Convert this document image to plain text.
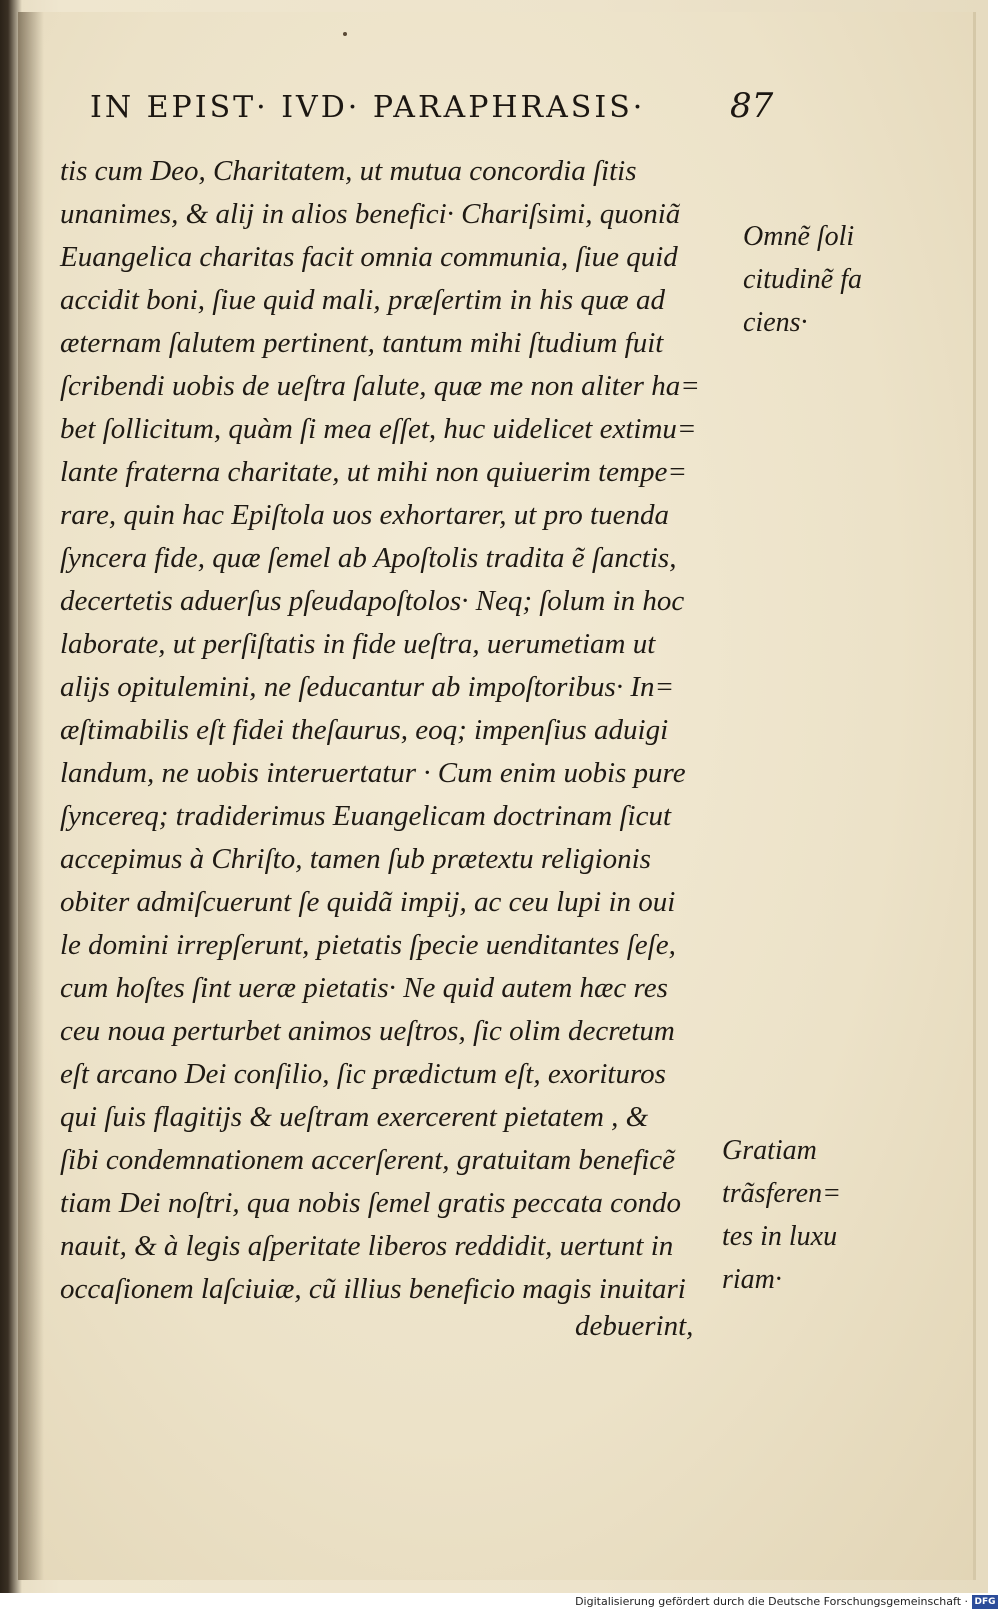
IN EPIST· IVD· PARAPHRASIS·	87
tis cum Deo, Charitatem, ut mutua concordia ſitis
unanimes, & alij in alios benefici· Chariſsimi, quoniã
Euangelica charitas facit omnia communia, ſiue quid
accidit boni, ſiue quid mali, præſertim in his quæ ad
æternam ſalutem pertinent, tantum mihi ſtudium fuit
ſcribendi uobis de ueſtra ſalute, quæ me non aliter ha=
bet ſollicitum, quàm ſi mea eſſet, huc uidelicet extimu=
lante fraterna charitate, ut mihi non quiuerim tempe=
rare, quin hac Epiſtola uos exhortarer, ut pro tuenda
ſyncera fide, quæ ſemel ab Apoſtolis tradita ẽ ſanctis,
decertetis aduerſus pſeudapoſtolos· Neq; ſolum in hoc
laborate, ut perſiſtatis in fide ueſtra, uerumetiam ut
alijs opitulemini, ne ſeducantur ab impoſtoribus· In=
æſtimabilis eſt fidei theſaurus, eoq; impenſius aduigi
landum, ne uobis interuertatur · Cum enim uobis pure
ſyncereq; tradiderimus Euangelicam doctrinam ſicut
accepimus à Chriſto, tamen ſub prætextu religionis
obiter admiſcuerunt ſe quidã impij, ac ceu lupi in oui
le domini irrepſerunt, pietatis ſpecie uenditantes ſeſe,
cum hoſtes ſint ueræ pietatis· Ne quid autem hæc res
ceu noua perturbet animos ueſtros, ſic olim decretum
eſt arcano Dei conſilio, ſic prædictum eſt, exorituros
qui ſuis flagitijs & ueſtram exercerent pietatem , &
ſibi condemnationem accerſerent, gratuitam beneficẽ
tiam Dei noſtri, qua nobis ſemel gratis peccata condo
nauit, & à legis aſperitate liberos reddidit, uertunt in
occaſionem laſciuiæ, cũ illius beneficio magis inuitari
debuerint,
Omnẽ ſoli
citudinẽ fa
ciens·
Gratiam
trãsferen=
tes in luxu
riam·
Digitalisierung gefördert durch die Deutsche Forschungsgemeinschaft · DFG
